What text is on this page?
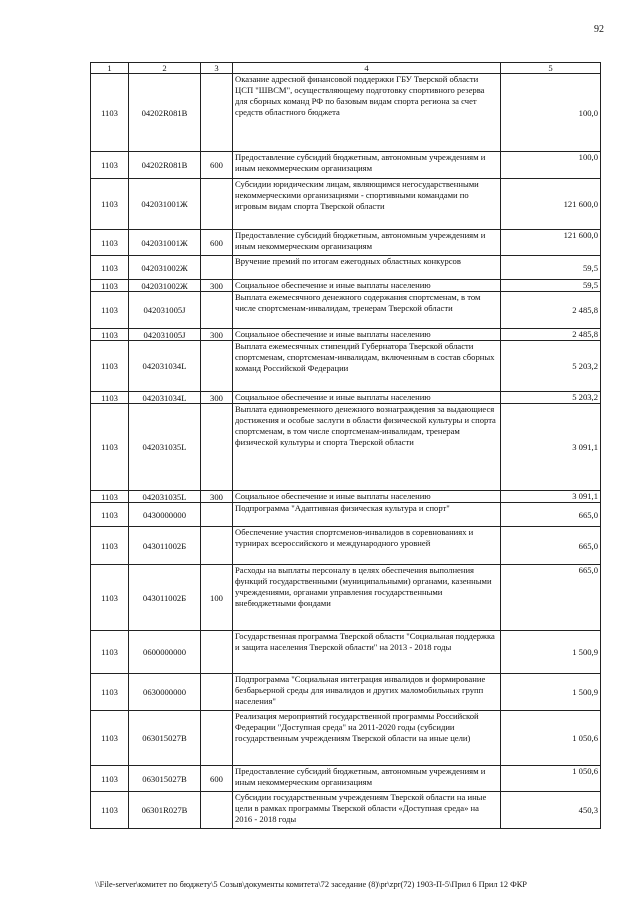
92
1	2	3	4	5
1103	04202R081B		Оказание адресной финансовой поддержки ГБУ Тверской области ЦСП "ШВСМ", осуществляющему подготовку спортивного резерва для сборных команд РФ по базовым видам спорта региона за счет средств областного бюджета	100,0
1103	04202R081B	600	Предоставление субсидий бюджетным, автономным учреждениям и иным некоммерческим организациям	100,0
1103	042031001Ж		Субсидии юридическим лицам, являющимся негосударственными некоммерческими организациями - спортивными командами по игровым видам спорта Тверской области	121 600,0
1103	042031001Ж	600	Предоставление субсидий бюджетным, автономным учреждениям и иным некоммерческим организациям	121 600,0
1103	042031002Ж		Вручение премий по итогам ежегодных областных конкурсов	59,5
1103	042031002Ж	300	Социальное обеспечение и иные выплаты населению	59,5
1103	042031005J		Выплата ежемесячного денежного содержания спортсменам, в том числе спортсменам-инвалидам, тренерам Тверской области	2 485,8
1103	042031005J	300	Социальное обеспечение и иные выплаты населению	2 485,8
1103	042031034L		Выплата ежемесячных стипендий Губернатора Тверской области спортсменам, спортсменам-инвалидам, включенным в состав сборных команд Российской Федерации	5 203,2
1103	042031034L	300	Социальное обеспечение и иные выплаты населению	5 203,2
1103	042031035L		Выплата единовременного денежного вознаграждения за выдающиеся достижения и особые заслуги в области физической культуры и спорта спортсменам, в том числе спортсменам-инвалидам, тренерам физической культуры и спорта Тверской области	3 091,1
1103	042031035L	300	Социальное обеспечение и иные выплаты населению	3 091,1
1103	0430000000		Подпрограмма "Адаптивная физическая культура и спорт"	665,0
1103	043011002Б		Обеспечение участия спортсменов-инвалидов в соревнованиях и турнирах всероссийского и международного уровней	665,0
1103	043011002Б	100	Расходы на выплаты персоналу в целях обеспечения выполнения функций государственными (муниципальными) органами, казенными учреждениями, органами управления государственными внебюджетными фондами	665,0
1103	0600000000		Государственная программа Тверской области "Социальная поддержка и защита населения Тверской области" на 2013 - 2018 годы	1 500,9
1103	0630000000		Подпрограмма "Социальная интеграция инвалидов и формирование безбарьерной среды для инвалидов и других маломобильных групп населения"	1 500,9
1103	063015027В		Реализация мероприятий государственной программы Российской Федерации "Доступная среда" на 2011-2020 годы (субсидии государственным учреждениям Тверской области на иные цели)	1 050,6
1103	063015027В	600	Предоставление субсидий бюджетным, автономным учреждениям и иным некоммерческим организациям	1 050,6
1103	06301R027В		Субсидии государственным учреждениям Тверской области на иные цели в рамках программы Тверской области «Доступная среда» на 2016 - 2018 годы	450,3
\\File-server\комитет по бюджету\5 Созыв\документы комитета\72 заседание (8)\pr\zpr(72) 1903-П-5\Прил 6 Прил 12 ФКР
